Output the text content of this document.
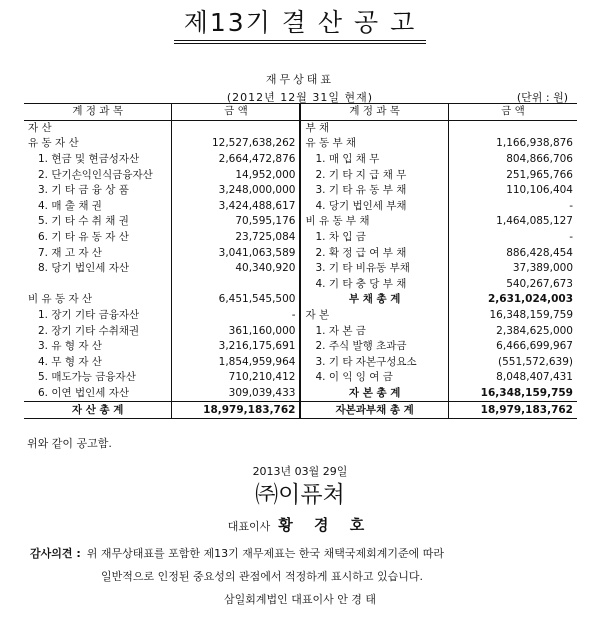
제13기 결 산 공 고
재무상태표
(2012년 12월 31일 현재)	(단위 : 원)
계 정 과 목	금 액	계 정 과 목	금 액
자 산		부 채	
유 동 자 산	12,527,638,262	유 동 부 채	1,166,938,876
1. 현금 및 현금성자산	2,664,472,876	1. 매 입 채 무	804,866,706
2. 단기손익인식금융자산	14,952,000	2. 기 타 지 급 채 무	251,965,766
3. 기 타 금 융 상 품	3,248,000,000	3. 기 타 유 동 부 채	110,106,404
4. 매 출 채 권	3,424,488,617	4. 당기 법인세 부채	-
5. 기 타 수 취 채 권	70,595,176	비 유 동 부 채	1,464,085,127
6. 기 타 유 동 자 산	23,725,084	1. 차 입 금	-
7. 재 고 자 산	3,041,063,589	2. 확 정 급 여 부 채	886,428,454
8. 당기 법인세 자산	40,340,920	3. 기 타 비유동 부채	37,389,000
		4. 기 타 충 당 부 채	540,267,673
비 유 동 자 산	6,451,545,500	부 채 총 계	2,631,024,003
1. 장기 기타 금융자산	-	자 본	16,348,159,759
2. 장기 기타 수취채권	361,160,000	1. 자 본 금	2,384,625,000
3. 유 형 자 산	3,216,175,691	2. 주식 발행 초과금	6,466,699,967
4. 무 형 자 산	1,854,959,964	3. 기 타 자본구성요소	(551,572,639)
5. 매도가능 금융자산	710,210,412	4. 이 익 잉 여 금	8,048,407,431
6. 이연 법인세 자산	309,039,433	자 본 총 계	16,348,159,759
자 산 총 계	18,979,183,762	자본과부채 총 계	18,979,183,762
위와 같이 공고함.
2013년 03월 29일
㈜이퓨쳐
대표이사 황 경 호
감사의견 : 위 재무상태표를 포함한 제13기 재무제표는 한국 채택국제회계기준에 따라
일반적으로 인정된 중요성의 관점에서 적정하게 표시하고 있습니다.
삼일회계법인 대표이사 안 경 태
